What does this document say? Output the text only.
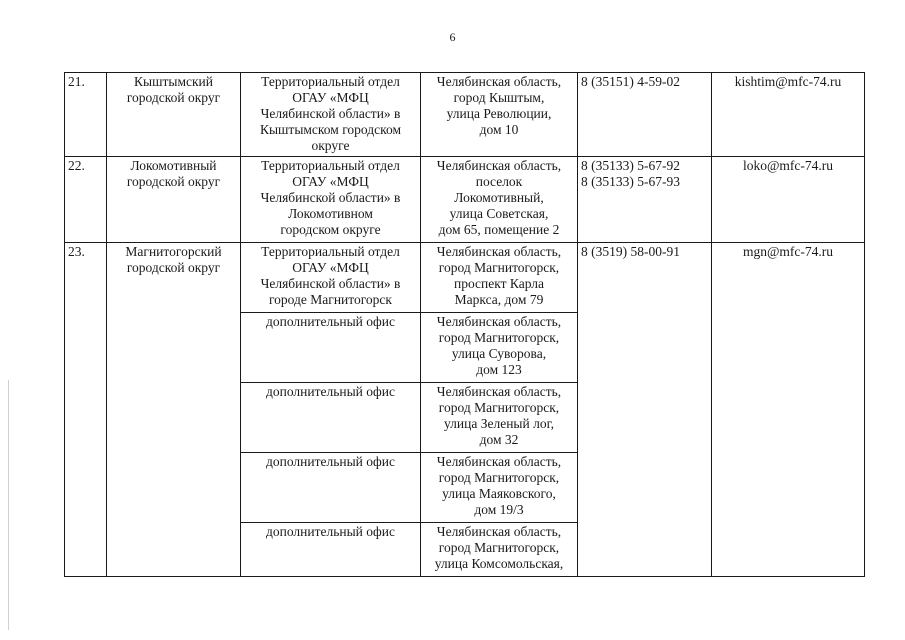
6
21.	Кыштымский
городской округ	Территориальный отдел
ОГАУ «МФЦ
Челябинской области» в
Кыштымском городском
округе	Челябинская область,
город Кыштым,
улица Революции,
дом 10	8 (35151) 4-59-02	kishtim@mfc-74.ru

22.	Локомотивный
городской округ	Территориальный отдел
ОГАУ «МФЦ
Челябинской области» в
Локомотивном
городском округе	Челябинская область,
поселок
Локомотивный,
улица Советская,
дом 65, помещение 2	8 (35133) 5-67-92
8 (35133) 5-67-93	loko@mfc-74.ru

23.	Магнитогорский
городской округ	Территориальный отдел
ОГАУ «МФЦ
Челябинской области» в
городе Магнитогорск	Челябинская область,
город Магнитогорск,
проспект Карла
Маркса, дом 79	8 (3519) 58-00-91	mgn@mfc-74.ru

		дополнительный офис	Челябинская область,
город Магнитогорск,
улица Суворова,
дом 123		

		дополнительный офис	Челябинская область,
город Магнитогорск,
улица Зеленый лог,
дом 32		

		дополнительный офис	Челябинская область,
город Магнитогорск,
улица Маяковского,
дом 19/3		

		дополнительный офис	Челябинская область,
город Магнитогорск,
улица Комсомольская,		
